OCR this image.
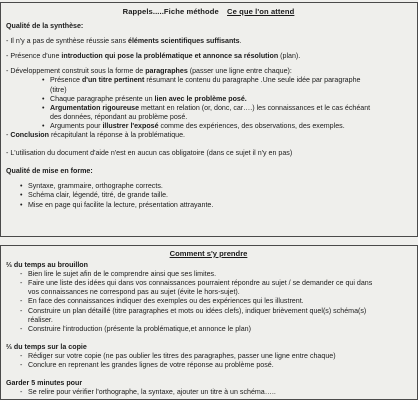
Rappels.....Fiche méthode Ce que l'on attend
Qualité de la synthèse:
- Il n'y a pas de synthèse réussie sans éléments scientifiques suffisants.
- Présence d'une introduction qui pose la problématique et annonce sa résolution (plan).
- Développement construit sous la forme de paragraphes (passer une ligne entre chaque):
• Présence d'un titre pertinent résumant le contenu du paragraphe .Une seule idée par paragraphe
(titre)
• Chaque paragraphe présente un lien avec le problème posé.
• Argumentation rigoureuse mettant en relation (or, donc, car….) les connaissances et le cas échéant
des données, répondant au problème posé.
• Arguments pour illustrer l'exposé comme des expériences, des observations, des exemples.
- Conclusion récapitulant la réponse à la problématique.
- L'utilisation du document d'aide n'est en aucun cas obligatoire (dans ce sujet il n'y en pas)
Qualité de mise en forme:
• Syntaxe, grammaire, orthographe corrects.
• Schéma clair, légendé, titré, de grande taille.
• Mise en page qui facilite la lecture, présentation attrayante.
Comment s'y prendre
⅔ du temps au brouillon
- Bien lire le sujet afin de le comprendre ainsi que ses limites.
- Faire une liste des idées qui dans vos connaissances pourraient répondre au sujet / se demander ce qui dans
vos connaissances ne correspond pas au sujet (évite le hors-sujet).
- En face des connaissances indiquer des exemples ou des expériences qui les illustrent.
- Construire un plan détaillé (titre paragraphes et mots ou idées clefs), indiquer brièvement quel(s) schéma(s)
réaliser.
- Construire l'introduction (présente la problématique,et annonce le plan)
⅔ du temps sur la copie
- Rédiger sur votre copie (ne pas oublier les titres des paragraphes, passer une ligne entre chaque)
- Conclure en reprenant les grandes lignes de votre réponse au problème posé.
Garder 5 minutes pour
- Se relire pour vérifier l'orthographe, la syntaxe, ajouter un titre à un schéma…..
